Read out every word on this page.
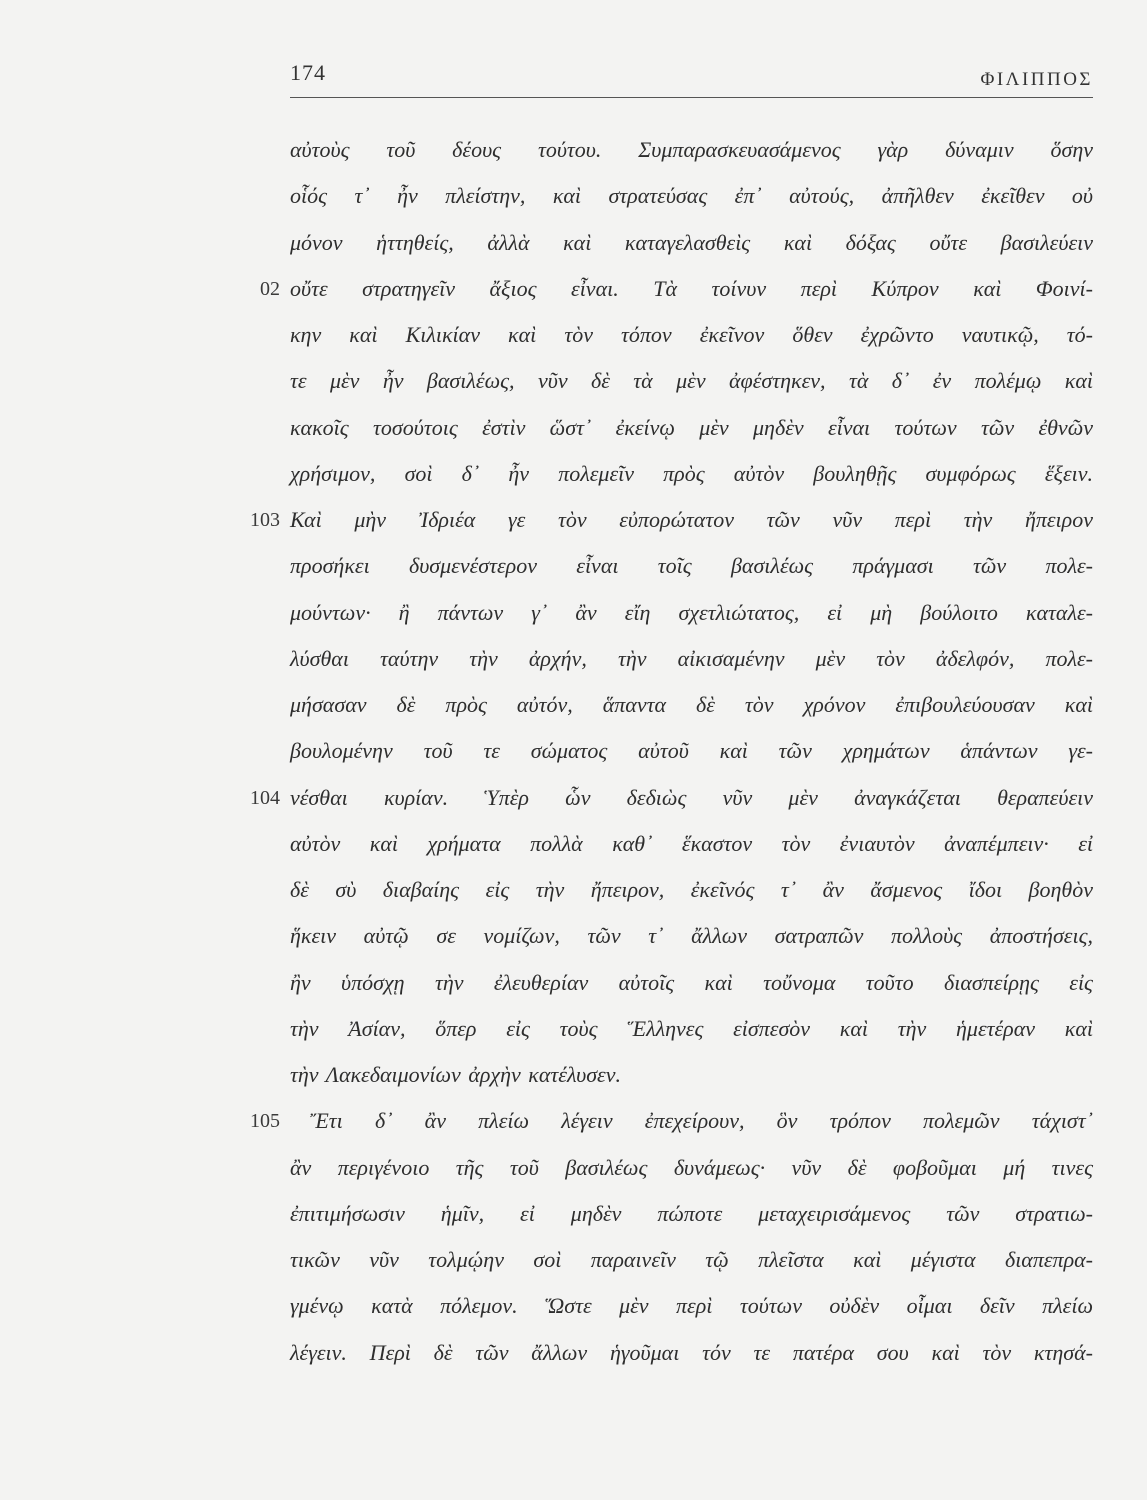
174	ΦΙΛΙΠΠΟΣ
02
103
104
105
αὐτοὺς τοῦ δέους τούτου. Συμπαρασκευασάμενος γὰρ δύναμιν ὅσην
οἷός τ᾽ ἦν πλείστην, καὶ στρατεύσας ἐπ᾽ αὐτούς, ἀπῆλθεν ἐκεῖθεν οὐ
μόνον ἡττηθείς, ἀλλὰ καὶ καταγελασθεὶς καὶ δόξας οὔτε βασιλεύειν
οὔτε στρατηγεῖν ἄξιος εἶναι. Τὰ τοίνυν περὶ Κύπρον καὶ Φοινί-
κην καὶ Κιλικίαν καὶ τὸν τόπον ἐκεῖνον ὅθεν ἐχρῶντο ναυτικῷ, τό-
τε μὲν ἦν βασιλέως, νῦν δὲ τὰ μὲν ἀφέστηκεν, τὰ δ᾽ ἐν πολέμῳ καὶ
κακοῖς τοσούτοις ἐστὶν ὥστ᾽ ἐκείνῳ μὲν μηδὲν εἶναι τούτων τῶν ἐθνῶν
χρήσιμον, σοὶ δ᾽ ἦν πολεμεῖν πρὸς αὐτὸν βουληθῇς συμφόρως ἕξειν.
Καὶ μὴν Ἰδριέα γε τὸν εὐπορώτατον τῶν νῦν περὶ τὴν ἤπειρον
προσήκει δυσμενέστερον εἶναι τοῖς βασιλέως πράγμασι τῶν πολε-
μούντων· ἢ πάντων γ᾽ ἂν εἴη σχετλιώτατος, εἰ μὴ βούλοιτο καταλε-
λύσθαι ταύτην τὴν ἀρχήν, τὴν αἰκισαμένην μὲν τὸν ἀδελφόν, πολε-
μήσασαν δὲ πρὸς αὐτόν, ἅπαντα δὲ τὸν χρόνον ἐπιβουλεύουσαν καὶ
βουλομένην τοῦ τε σώματος αὐτοῦ καὶ τῶν χρημάτων ἁπάντων γε-
νέσθαι κυρίαν. Ὑπὲρ ὧν δεδιὼς νῦν μὲν ἀναγκάζεται θεραπεύειν
αὐτὸν καὶ χρήματα πολλὰ καθ᾽ ἕκαστον τὸν ἐνιαυτὸν ἀναπέμπειν· εἰ
δὲ σὺ διαβαίης εἰς τὴν ἤπειρον, ἐκεῖνός τ᾽ ἂν ἄσμενος ἴδοι βοηθὸν
ἥκειν αὐτῷ σε νομίζων, τῶν τ᾽ ἄλλων σατραπῶν πολλοὺς ἀποστήσεις,
ἢν ὑπόσχῃ τὴν ἐλευθερίαν αὐτοῖς καὶ τοὔνομα τοῦτο διασπείρῃς εἰς
τὴν Ἀσίαν, ὅπερ εἰς τοὺς Ἕλληνες εἰσπεσὸν καὶ τὴν ἡμετέραν καὶ
τὴν Λακεδαιμονίων ἀρχὴν κατέλυσεν.
Ἔτι δ᾽ ἂν πλείω λέγειν ἐπεχείρουν, ὃν τρόπον πολεμῶν τάχιστ᾽
ἂν περιγένοιο τῆς τοῦ βασιλέως δυνάμεως· νῦν δὲ φοβοῦμαι μή τινες
ἐπιτιμήσωσιν ἡμῖν, εἰ μηδὲν πώποτε μεταχειρισάμενος τῶν στρατιω-
τικῶν νῦν τολμῴην σοὶ παραινεῖν τῷ πλεῖστα καὶ μέγιστα διαπεπρα-
γμένῳ κατὰ πόλεμον. Ὥστε μὲν περὶ τούτων οὐδὲν οἶμαι δεῖν πλείω
λέγειν. Περὶ δὲ τῶν ἄλλων ἡγοῦμαι τόν τε πατέρα σου καὶ τὸν κτησά-
